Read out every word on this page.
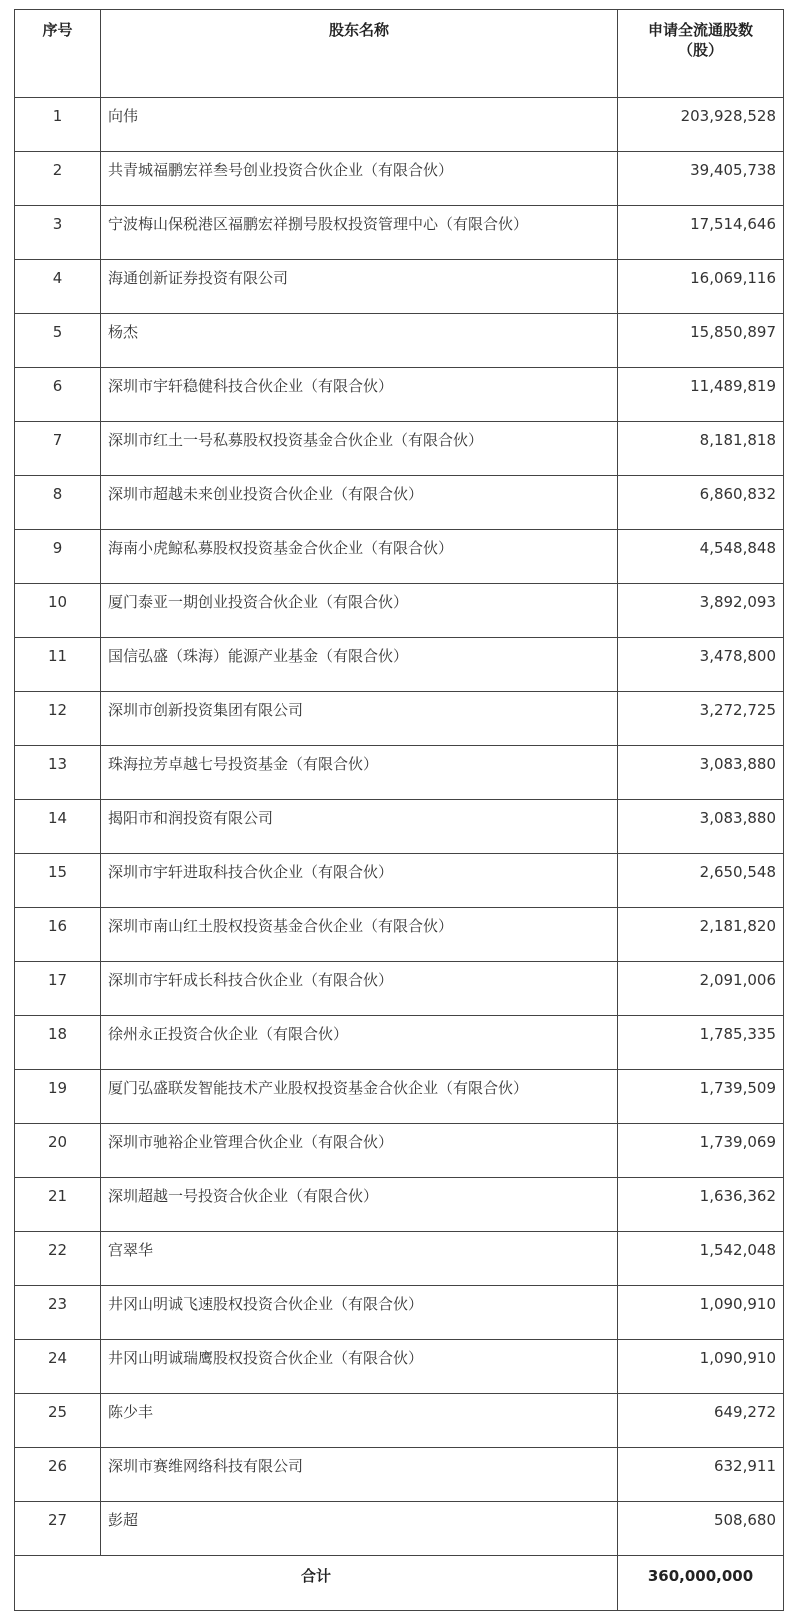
序号	股东名称	申请全流通股数
（股）

1	向伟	203,928,528
2	共青城福鹏宏祥叁号创业投资合伙企业（有限合伙）	39,405,738
3	宁波梅山保税港区福鹏宏祥捌号股权投资管理中心（有限合伙）	17,514,646
4	海通创新证券投资有限公司	16,069,116
5	杨杰	15,850,897
6	深圳市宇轩稳健科技合伙企业（有限合伙）	11,489,819
7	深圳市红土一号私募股权投资基金合伙企业（有限合伙）	8,181,818
8	深圳市超越未来创业投资合伙企业（有限合伙）	6,860,832
9	海南小虎鲸私募股权投资基金合伙企业（有限合伙）	4,548,848
10	厦门泰亚一期创业投资合伙企业（有限合伙）	3,892,093
11	国信弘盛（珠海）能源产业基金（有限合伙）	3,478,800
12	深圳市创新投资集团有限公司	3,272,725
13	珠海拉芳卓越七号投资基金（有限合伙）	3,083,880
14	揭阳市和润投资有限公司	3,083,880
15	深圳市宇轩进取科技合伙企业（有限合伙）	2,650,548
16	深圳市南山红土股权投资基金合伙企业（有限合伙）	2,181,820
17	深圳市宇轩成长科技合伙企业（有限合伙）	2,091,006
18	徐州永正投资合伙企业（有限合伙）	1,785,335
19	厦门弘盛联发智能技术产业股权投资基金合伙企业（有限合伙）	1,739,509
20	深圳市驰裕企业管理合伙企业（有限合伙）	1,739,069
21	深圳超越一号投资合伙企业（有限合伙）	1,636,362
22	宫翠华	1,542,048
23	井冈山明诚飞速股权投资合伙企业（有限合伙）	1,090,910
24	井冈山明诚瑞鹰股权投资合伙企业（有限合伙）	1,090,910
25	陈少丰	649,272
26	深圳市赛维网络科技有限公司	632,911
27	彭超	508,680
合计		360,000,000
